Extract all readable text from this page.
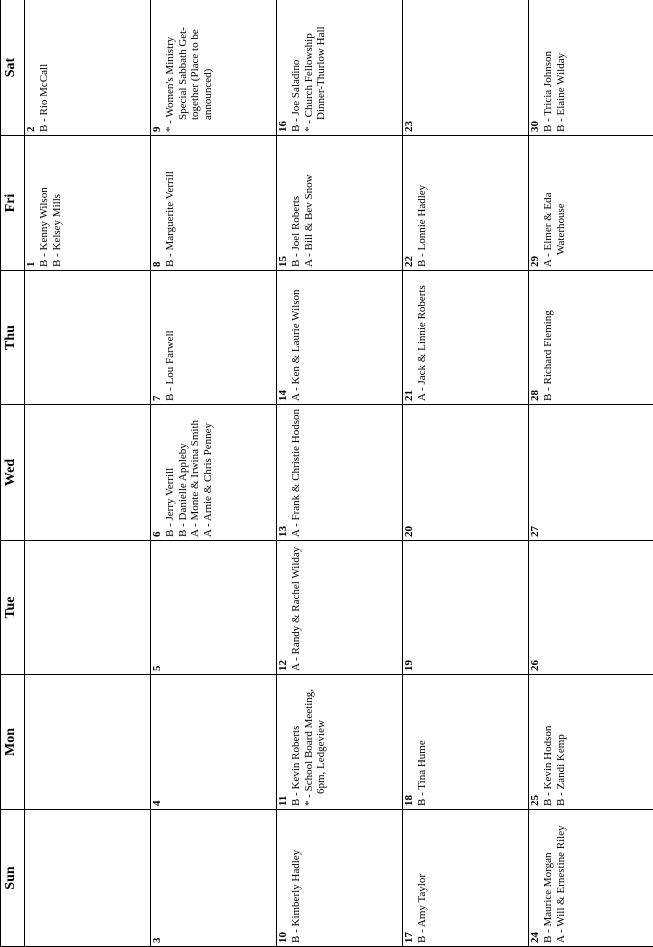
Sun	Mon	Tue	Wed	Thu	Fri	Sat

					1 B - Kenny Wilson B - Kelsey Mills	2 B - Rio McCall

3	4	5	6 B - Jerry Verrill B - Danielle Appleby A - Monte & Irwina Smith A - Arnie & Chris Penney	7 B - Lou Farwell	8 B - Marguerite Verrill	9 * - Women's Ministry Special Sabbath Get-together (Place to be announced)

10 B - Kimberly Hadley	11 B - Kevin Roberts * - School Board Meeting, 6pm, Ledgeview	12 A - Randy & Rachel Wilday	13 A - Frank & Christie Hodson	14 A - Ken & Laurie Wilson	15 B - Joel Roberts A - Bill & Bev Snow	16 B - Joe Saladino * - Church Fellowship Dinner-Thurlow Hall

17 B - Amy Taylor	18 B - Tina Hume	19	20	21 A - Jack & Linnie Roberts	22 B - Lonnie Hadley	23

24 B - Maurice Morgan A - Will & Ernestine Riley	25 B - Kevin Hodson B - Zandi Kemp	26	27	28 B - Richard Fleming	29 A - Elmer & Eda Waterhouse	30 B - Tricia Johnson B - Elaine Wilday
